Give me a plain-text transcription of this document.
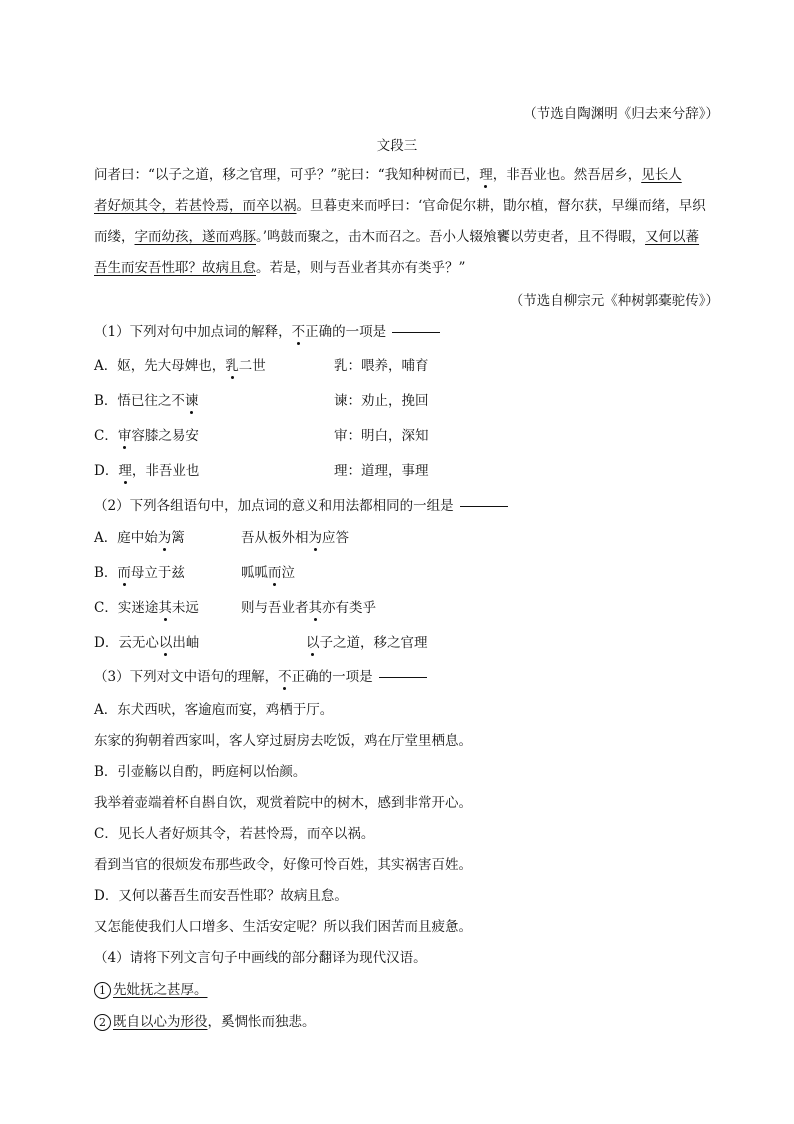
（节选自陶渊明《归去来兮辞》）
文段三
问者曰：“以子之道，移之官理，可乎？”驼曰：“我知种树而已，理，非吾业也。然吾居乡，见长人
者好烦其令，若甚怜焉，而卒以祸。旦暮吏来而呼曰：‘官命促尔耕，勖尔植，督尔获，早缫而绪，早织
而缕，字而幼孩，遂而鸡豚。’鸣鼓而聚之，击木而召之。吾小人辍飧饔以劳吏者，且不得暇，又何以蕃
吾生而安吾性耶？故病且怠。若是，则与吾业者其亦有类乎？”
（节选自柳宗元《种树郭橐驼传》）
（1）下列对句中加点词的解释，不正确的一项是
A．妪，先大母婢也，乳二世	乳：喂养，哺育
B．悟已往之不谏	谏：劝止，挽回
C．审容膝之易安	审：明白，深知
D．理，非吾业也	理：道理，事理
（2）下列各组语句中，加点词的意义和用法都相同的一组是
A．庭中始为篱	吾从板外相为应答
B．而母立于兹	呱呱而泣
C．实迷途其未远	则与吾业者其亦有类乎
D．云无心以出岫	以子之道，移之官理
（3）下列对文中语句的理解，不正确的一项是
A．东犬西吠，客逾庖而宴，鸡栖于厅。
东家的狗朝着西家叫，客人穿过厨房去吃饭，鸡在厅堂里栖息。
B．引壶觞以自酌，眄庭柯以怡颜。
我举着壶端着杯自斟自饮，观赏着院中的树木，感到非常开心。
C．见长人者好烦其令，若甚怜焉，而卒以祸。
看到当官的很烦发布那些政令，好像可怜百姓，其实祸害百姓。
D．又何以蕃吾生而安吾性耶？故病且怠。
又怎能使我们人口增多、生活安定呢？所以我们困苦而且疲惫。
（4）请将下列文言句子中画线的部分翻译为现代汉语。
1 先妣抚之甚厚。
2 既自以心为形役，奚惆怅而独悲。
